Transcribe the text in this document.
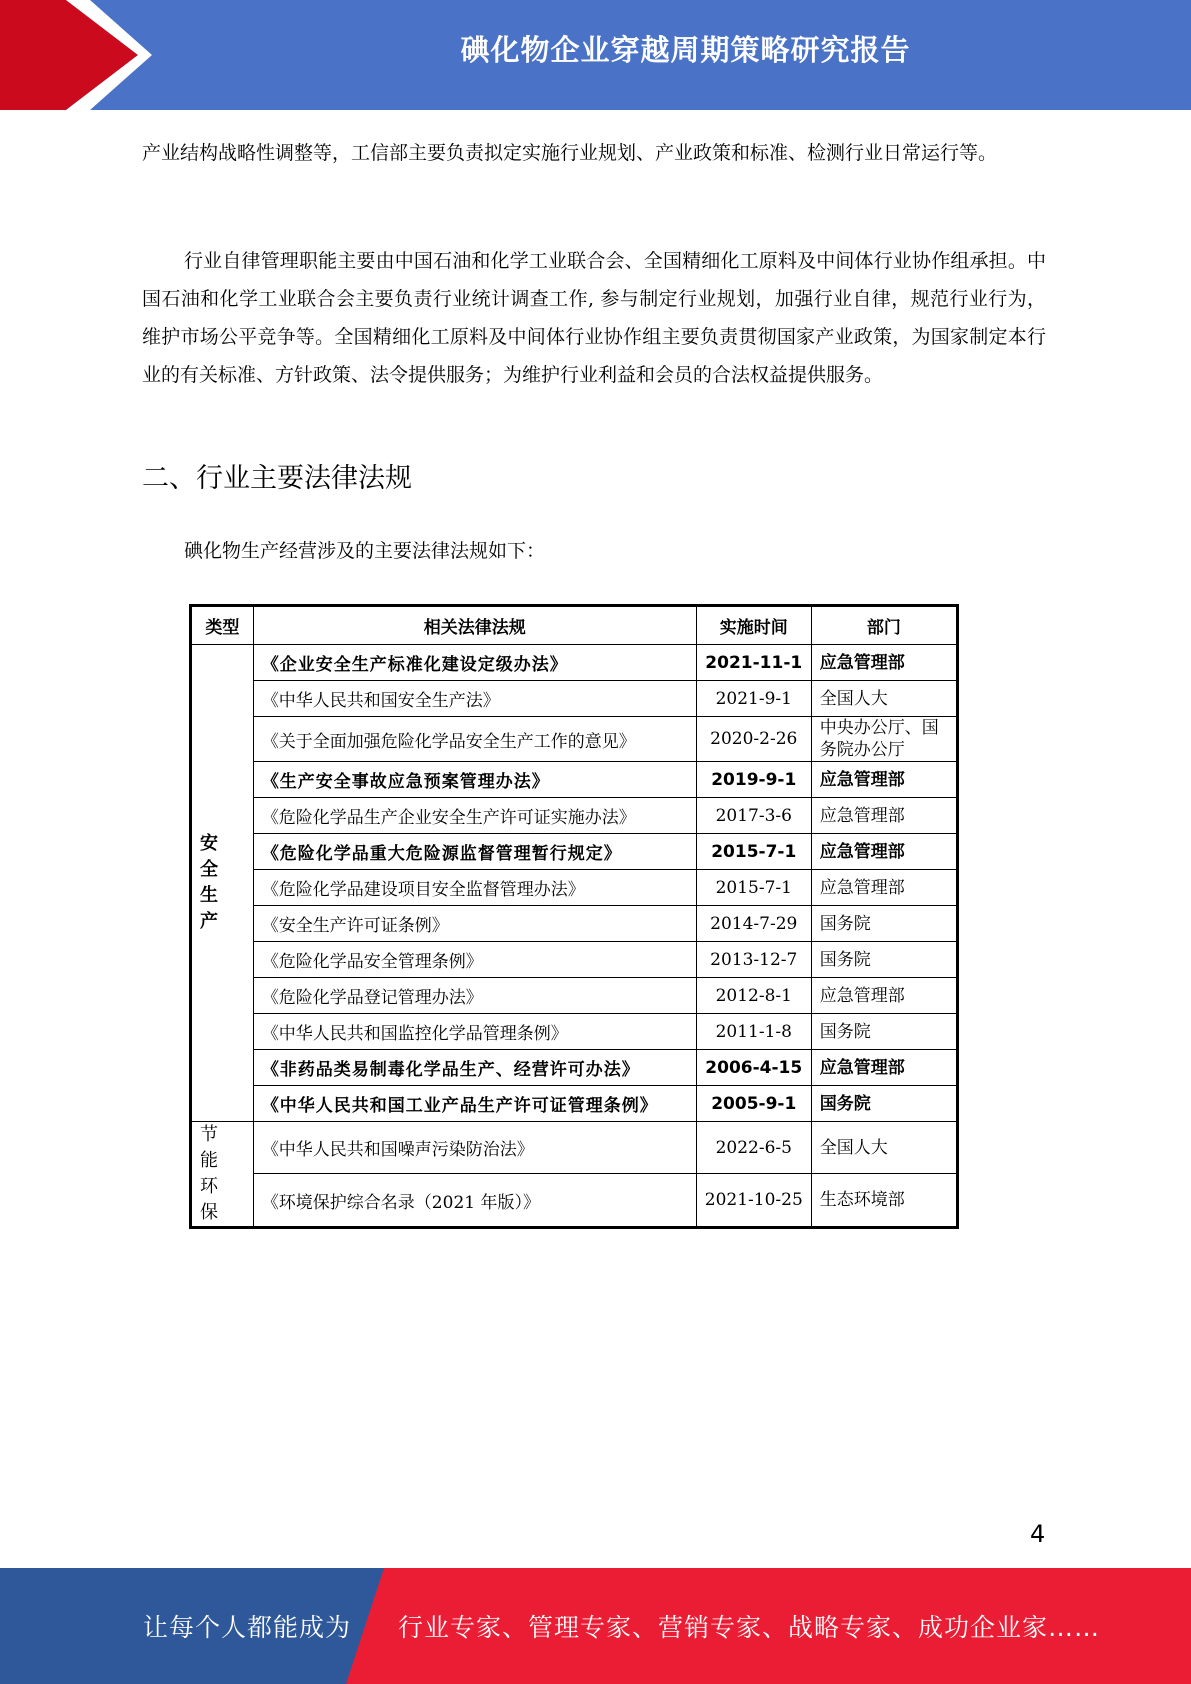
碘化物企业穿越周期策略研究报告

产业结构战略性调整等，工信部主要负责拟定实施行业规划、产业政策和标准、检测行业日常运行等。

行业自律管理职能主要由中国石油和化学工业联合会、全国精细化工原料及中间体行业协作组承担。中国石油和化学工业联合会主要负责行业统计调查工作, 参与制定行业规划，加强行业自律，规范行业行为，维护市场公平竞争等。全国精细化工原料及中间体行业协作组主要负责贯彻国家产业政策，为国家制定本行业的有关标准、方针政策、法令提供服务；为维护行业利益和会员的合法权益提供服务。

二、行业主要法律法规
碘化物生产经营涉及的主要法律法规如下：
类型	相关法律法规	实施时间	部门
安全生产	《企业安全生产标准化建设定级办法》	2021-11-1	应急管理部
	《中华人民共和国安全生产法》	2021-9-1	全国人大
	《关于全面加强危险化学品安全生产工作的意见》	2020-2-26	中央办公厅、国务院办公厅
	《生产安全事故应急预案管理办法》	2019-9-1	应急管理部
	《危险化学品生产企业安全生产许可证实施办法》	2017-3-6	应急管理部
	《危险化学品重大危险源监督管理暂行规定》	2015-7-1	应急管理部
	《危险化学品建设项目安全监督管理办法》	2015-7-1	应急管理部
	《安全生产许可证条例》	2014-7-29	国务院
	《危险化学品安全管理条例》	2013-12-7	国务院
	《危险化学品登记管理办法》	2012-8-1	应急管理部
	《中华人民共和国监控化学品管理条例》	2011-1-8	国务院
	《非药品类易制毒化学品生产、经营许可办法》	2006-4-15	应急管理部
	《中华人民共和国工业产品生产许可证管理条例》	2005-9-1	国务院
节能环保	《中华人民共和国噪声污染防治法》	2022-6-5	全国人大
	《环境保护综合名录（2021 年版）》	2021-10-25	生态环境部
4
让每个人都能成为 行业专家、管理专家、营销专家、战略专家、成功企业家……
